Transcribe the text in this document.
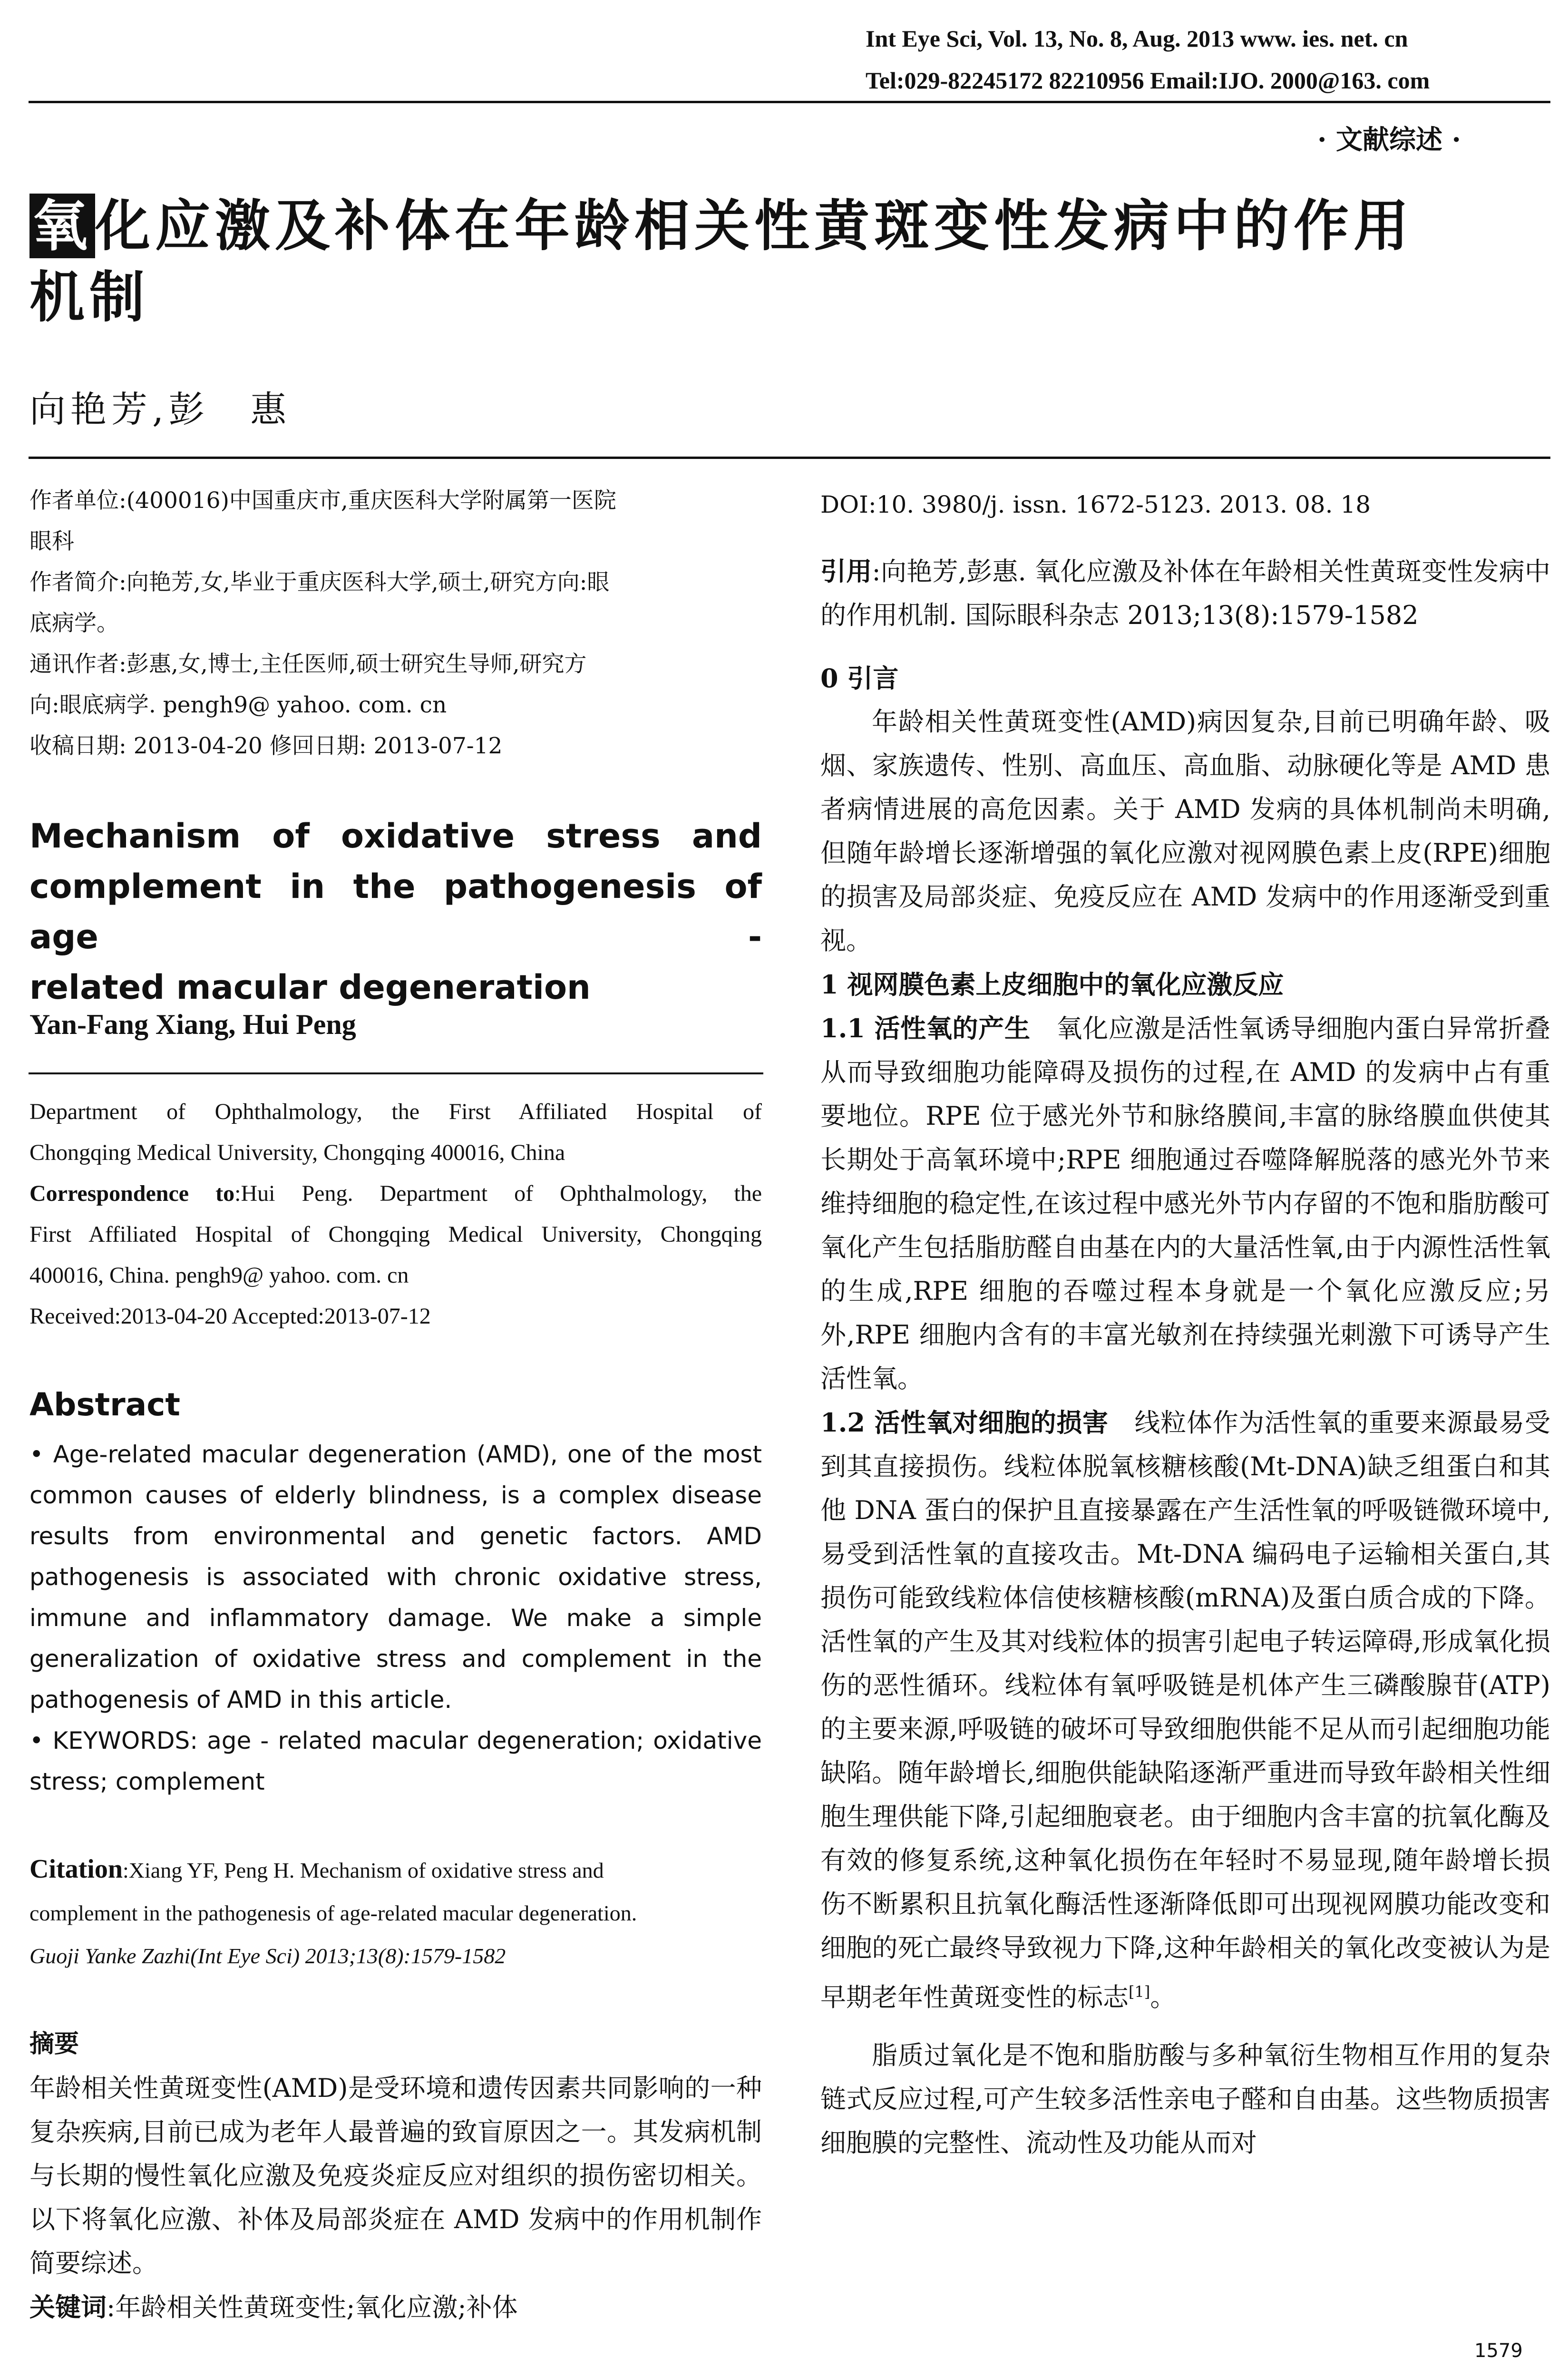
Int Eye Sci, Vol. 13, No. 8, Aug. 2013 www. ies. net. cn
Tel:029-82245172 82210956 Email:IJO. 2000@163. com
· 文献综述 ·
氧化应激及补体在年龄相关性黄斑变性发病中的作用
机制
向艳芳,彭　惠

作者单位:(400016)中国重庆市,重庆医科大学附属第一医院

眼科

作者简介:向艳芳,女,毕业于重庆医科大学,硕士,研究方向:眼

底病学。

通讯作者:彭惠,女,博士,主任医师,硕士研究生导师,研究方

向:眼底病学. pengh9@ yahoo. com. cn

收稿日期: 2013-04-20 修回日期: 2013-07-12

Mechanism of oxidative stress and
complement in the pathogenesis of age -
related macular degeneration
Yan-Fang Xiang, Hui Peng

Department of Ophthalmology, the First Affiliated Hospital of

Chongqing Medical University, Chongqing 400016, China

Correspondence to:Hui Peng. Department of Ophthalmology, the

First Affiliated Hospital of Chongqing Medical University, Chongqing

400016, China. pengh9@ yahoo. com. cn

Received:2013-04-20 Accepted:2013-07-12

Abstract

• Age-related macular degeneration (AMD), one of the most common causes of elderly blindness, is a complex disease results from environmental and genetic factors. AMD pathogenesis is associated with chronic oxidative stress, immune and inflammatory damage. We make a simple generalization of oxidative stress and complement in the pathogenesis of AMD in this article.

• KEYWORDS: age - related macular degeneration; oxidative stress; complement

Citation:Xiang YF, Peng H. Mechanism of oxidative stress and

complement in the pathogenesis of age-related macular degeneration.

Guoji Yanke Zazhi(Int Eye Sci) 2013;13(8):1579-1582

摘要

年龄相关性黄斑变性(AMD)是受环境和遗传因素共同影响的一种复杂疾病,目前已成为老年人最普遍的致盲原因之一。其发病机制与长期的慢性氧化应激及免疫炎症反应对组织的损伤密切相关。以下将氧化应激、补体及局部炎症在 AMD 发病中的作用机制作简要综述。

关键词:年龄相关性黄斑变性;氧化应激;补体

DOI:10. 3980/j. issn. 1672-5123. 2013. 08. 18

引用:向艳芳,彭惠. 氧化应激及补体在年龄相关性黄斑变性发病中的作用机制. 国际眼科杂志 2013;13(8):1579-1582

0 引言

年龄相关性黄斑变性(AMD)病因复杂,目前已明确年龄、吸烟、家族遗传、性别、高血压、高血脂、动脉硬化等是 AMD 患者病情进展的高危因素。关于 AMD 发病的具体机制尚未明确,但随年龄增长逐渐增强的氧化应激对视网膜色素上皮(RPE)细胞的损害及局部炎症、免疫反应在 AMD 发病中的作用逐渐受到重视。

1 视网膜色素上皮细胞中的氧化应激反应

1.1 活性氧的产生　氧化应激是活性氧诱导细胞内蛋白异常折叠从而导致细胞功能障碍及损伤的过程,在 AMD 的发病中占有重要地位。RPE 位于感光外节和脉络膜间,丰富的脉络膜血供使其长期处于高氧环境中;RPE 细胞通过吞噬降解脱落的感光外节来维持细胞的稳定性,在该过程中感光外节内存留的不饱和脂肪酸可氧化产生包括脂肪醛自由基在内的大量活性氧,由于内源性活性氧的生成,RPE 细胞的吞噬过程本身就是一个氧化应激反应;另外,RPE 细胞内含有的丰富光敏剂在持续强光刺激下可诱导产生活性氧。

1.2 活性氧对细胞的损害　线粒体作为活性氧的重要来源最易受到其直接损伤。线粒体脱氧核糖核酸(Mt-DNA)缺乏组蛋白和其他 DNA 蛋白的保护且直接暴露在产生活性氧的呼吸链微环境中,易受到活性氧的直接攻击。Mt-DNA 编码电子运输相关蛋白,其损伤可能致线粒体信使核糖核酸(mRNA)及蛋白质合成的下降。活性氧的产生及其对线粒体的损害引起电子转运障碍,形成氧化损伤的恶性循环。线粒体有氧呼吸链是机体产生三磷酸腺苷(ATP)的主要来源,呼吸链的破坏可导致细胞供能不足从而引起细胞功能缺陷。随年龄增长,细胞供能缺陷逐渐严重进而导致年龄相关性细胞生理供能下降,引起细胞衰老。由于细胞内含丰富的抗氧化酶及有效的修复系统,这种氧化损伤在年轻时不易显现,随年龄增长损伤不断累积且抗氧化酶活性逐渐降低即可出现视网膜功能改变和细胞的死亡最终导致视力下降,这种年龄相关的氧化改变被认为是早期老年性黄斑变性的标志[1]。

脂质过氧化是不饱和脂肪酸与多种氧衍生物相互作用的复杂链式反应过程,可产生较多活性亲电子醛和自由基。这些物质损害细胞膜的完整性、流动性及功能从而对

1579
